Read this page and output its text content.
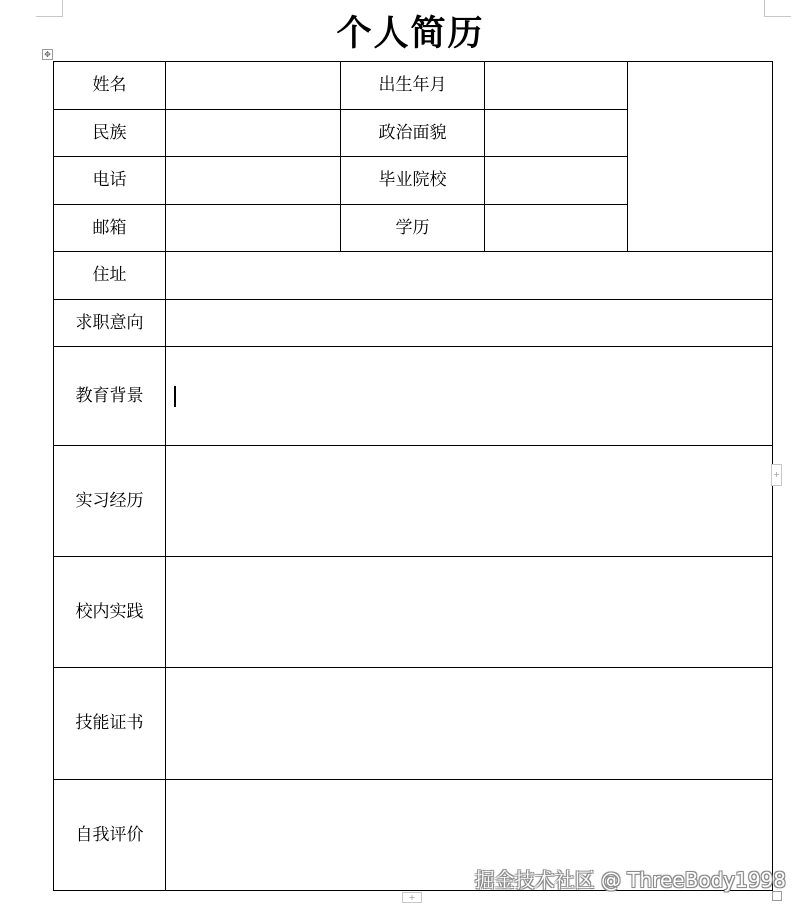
个人简历
✥
姓名		出生年月		
民族		政治面貌		
电话		毕业院校		
邮箱		学历		
住址				
求职意向				
教育背景				
实习经历				
校内实践				
技能证书				
自我评价				
+
+
掘金技术社区 @ ThreeBody1998
